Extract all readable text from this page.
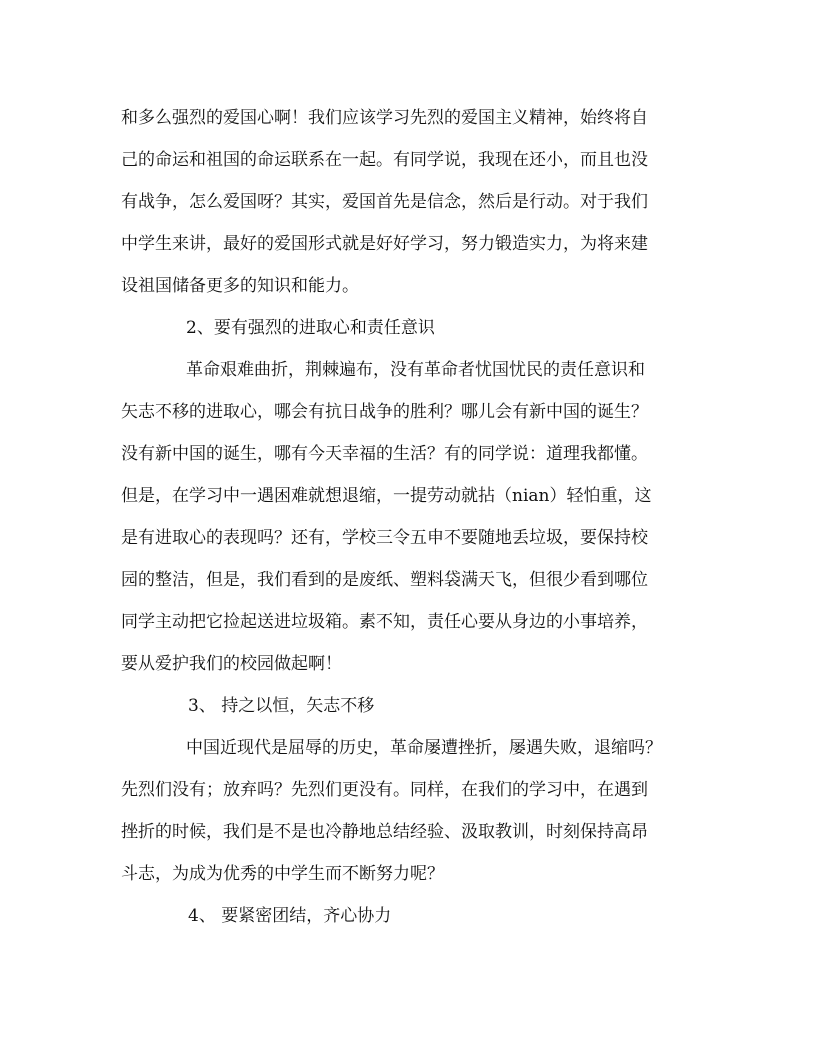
和多么强烈的爱国心啊！我们应该学习先烈的爱国主义精神，始终将自
己的命运和祖国的命运联系在一起。有同学说，我现在还小，而且也没
有战争，怎么爱国呀？其实，爱国首先是信念，然后是行动。对于我们
中学生来讲，最好的爱国形式就是好好学习，努力锻造实力，为将来建
设祖国储备更多的知识和能力。
2、要有强烈的进取心和责任意识
革命艰难曲折，荆棘遍布，没有革命者忧国忧民的责任意识和
矢志不移的进取心，哪会有抗日战争的胜利？哪儿会有新中国的诞生？
没有新中国的诞生，哪有今天幸福的生活？有的同学说：道理我都懂。
但是，在学习中一遇困难就想退缩，一提劳动就拈（nian）轻怕重，这
是有进取心的表现吗？还有，学校三令五申不要随地丢垃圾，要保持校
园的整洁，但是，我们看到的是废纸、塑料袋满天飞，但很少看到哪位
同学主动把它捡起送进垃圾箱。素不知，责任心要从身边的小事培养，
要从爱护我们的校园做起啊！
3、 持之以恒，矢志不移
中国近现代是屈辱的历史，革命屡遭挫折，屡遇失败，退缩吗？
先烈们没有；放弃吗？先烈们更没有。同样，在我们的学习中，在遇到
挫折的时候，我们是不是也冷静地总结经验、汲取教训，时刻保持高昂
斗志，为成为优秀的中学生而不断努力呢？
4、 要紧密团结，齐心协力
